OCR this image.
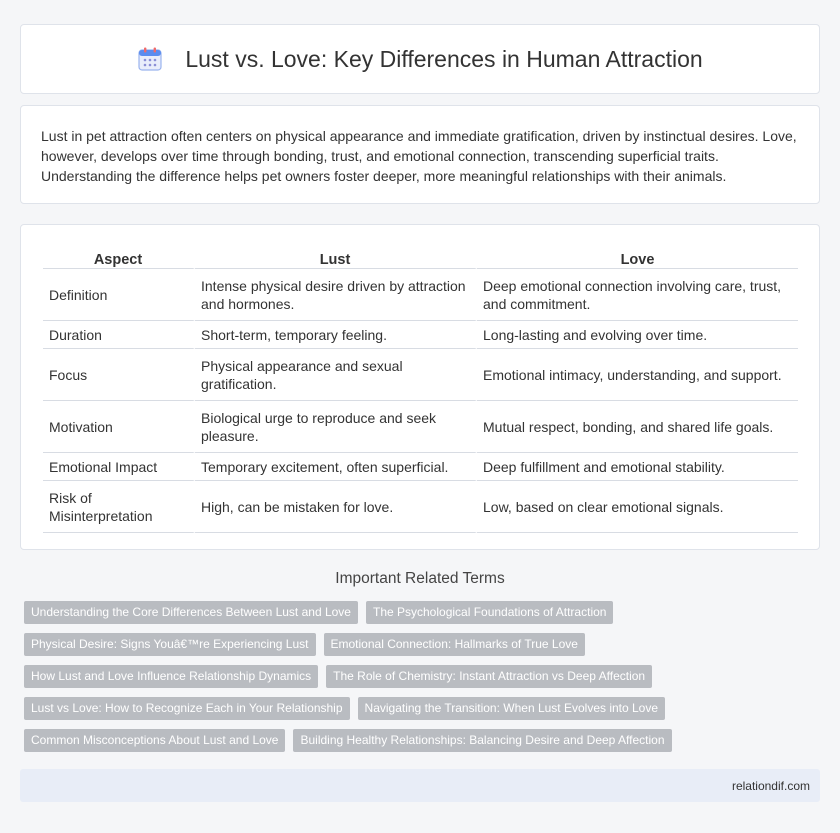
Lust vs. Love: Key Differences in Human Attraction

Lust in pet attraction often centers on physical appearance and immediate gratification, driven by instinctual desires. Love, however, develops over time through bonding, trust, and emotional connection, transcending superficial traits. Understanding the difference helps pet owners foster deeper, more meaningful relationships with their animals.

Aspect	Lust	Love
Definition	Intense physical desire driven by attraction and hormones.	Deep emotional connection involving care, trust, and commitment.
Duration	Short-term, temporary feeling.	Long-lasting and evolving over time.
Focus	Physical appearance and sexual gratification.	Emotional intimacy, understanding, and support.
Motivation	Biological urge to reproduce and seek pleasure.	Mutual respect, bonding, and shared life goals.
Emotional Impact	Temporary excitement, often superficial.	Deep fulfillment and emotional stability.
Risk of Misinterpretation	High, can be mistaken for love.	Low, based on clear emotional signals.
Important Related Terms
Understanding the Core Differences Between Lust and Love	The Psychological Foundations of Attraction
Physical Desire: Signs Youâ€™re Experiencing Lust	Emotional Connection: Hallmarks of True Love
How Lust and Love Influence Relationship Dynamics	The Role of Chemistry: Instant Attraction vs Deep Affection
Lust vs Love: How to Recognize Each in Your Relationship	Navigating the Transition: When Lust Evolves into Love
Common Misconceptions About Lust and Love	Building Healthy Relationships: Balancing Desire and Deep Affection
relationdif.com
